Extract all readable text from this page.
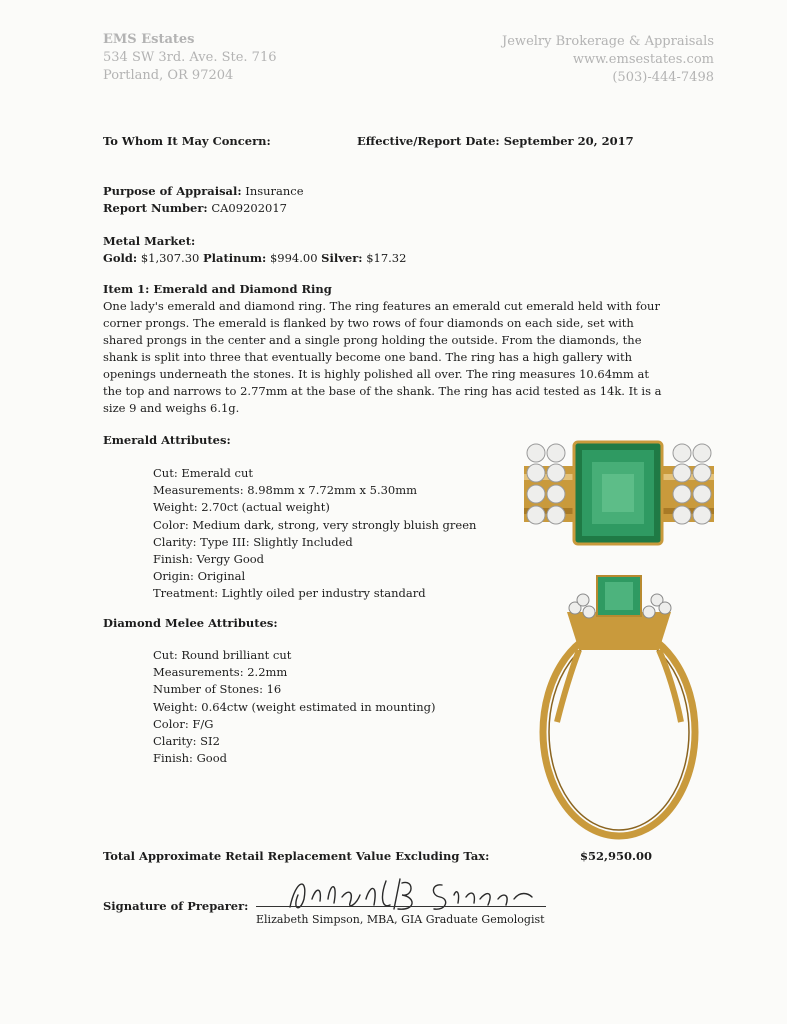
EMS Estates
534 SW 3rd. Ave. Ste. 716
Portland, OR 97204
Jewelry Brokerage & Appraisals
www.emsestates.com
(503)-444-7498
To Whom It May Concern:	Effective/Report Date: September 20, 2017
Purpose of Appraisal: Insurance
Report Number: CA09202017
Metal Market:
Gold: $1,307.30 Platinum: $994.00 Silver: $17.32
Item 1: Emerald and Diamond Ring
One lady's emerald and diamond ring. The ring features an emerald cut emerald held with four corner prongs. The emerald is flanked by two rows of four diamonds on each side, set with shared prongs in the center and a single prong holding the outside. From the diamonds, the shank is split into three that eventually become one band. The ring has a high gallery with openings underneath the stones. It is highly polished all over. The ring measures 10.64mm at the top and narrows to 2.77mm at the base of the shank. The ring has acid tested as 14k. It is a size 9 and weighs 6.1g.
Emerald Attributes:
Cut: Emerald cut
Measurements: 8.98mm x 7.72mm x 5.30mm
Weight: 2.70ct (actual weight)
Color: Medium dark, strong, very strongly bluish green
Clarity: Type III: Slightly Included
Finish: Vergy Good
Origin: Original
Treatment: Lightly oiled per industry standard
Diamond Melee Attributes:
Cut: Round brilliant cut
Measurements: 2.2mm
Number of Stones: 16
Weight: 0.64ctw (weight estimated in mounting)
Color: F/G
Clarity: SI2
Finish: Good
Total Approximate Retail Replacement Value Excluding Tax:	$52,950.00
Signature of Preparer:
Elizabeth Simpson, MBA, GIA Graduate Gemologist
